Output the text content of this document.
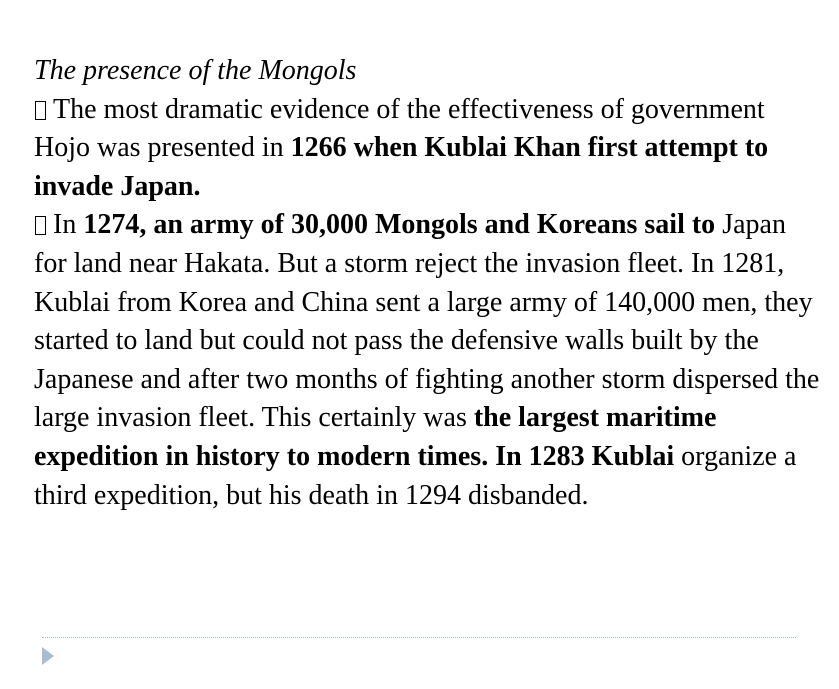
The presence of the Mongols

The most dramatic evidence of the effectiveness of government Hojo was presented in 1266 when Kublai Khan first attempt to invade Japan.

In 1274, an army of 30,000 Mongols and Koreans sail to Japan for land near Hakata. But a storm reject the invasion fleet. In 1281, Kublai from Korea and China sent a large army of 140,000 men, they started to land but could not pass the defensive walls built by the Japanese and after two months of fighting another storm dispersed the large invasion fleet. This certainly was the largest maritime expedition in history to modern times. In 1283 Kublai organize a third expedition, but his death in 1294 disbanded.
